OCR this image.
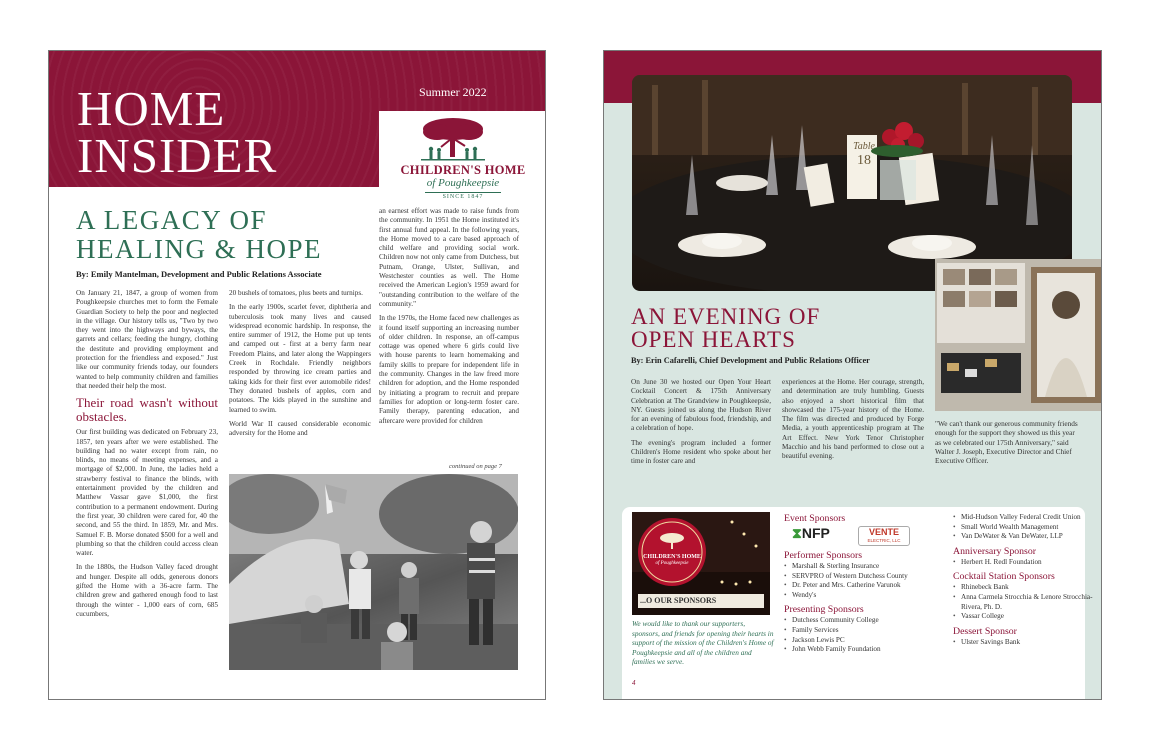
HOME
INSIDER
Summer 2022
CHILDREN'S HOME
of Poughkeepsie
SINCE 1847
A LEGACY OF
HEALING & HOPE
By: Emily Mantelman, Development and Public Relations Associate

On January 21, 1847, a group of women from Poughkeepsie churches met to form the Female Guardian Society to help the poor and neglected in the village. Our history tells us, "Two by two they went into the highways and byways, the garrets and cellars; feeding the hungry, clothing the destitute and providing employment and protection for the friendless and exposed." Just like our community friends today, our founders wanted to help community children and families that needed their help the most.

Their road wasn't without obstacles.

Our first building was dedicated on February 23, 1857, ten years after we were established. The building had no water except from rain, no blinds, no means of meeting expenses, and a mortgage of $2,000. In June, the ladies held a strawberry festival to finance the blinds, with entertainment provided by the children and Matthew Vassar gave $1,000, the first contribution to a permanent endowment. During the first year, 30 children were cared for, 40 the second, and 55 the third. In 1859, Mr. and Mrs. Samuel F. B. Morse donated $500 for a well and plumbing so that the children could access clean water.

In the 1880s, the Hudson Valley faced drought and hunger. Despite all odds, generous donors gifted the Home with a 36-acre farm. The children grew and gathered enough food to last through the winter - 1,000 ears of corn, 685 cucumbers,

20 bushels of tomatoes, plus beets and turnips.

In the early 1900s, scarlet fever, diphtheria and tuberculosis took many lives and caused widespread economic hardship. In response, the entire summer of 1912, the Home put up tents and camped out - first at a berry farm near Freedom Plains, and later along the Wappingers Creek in Rochdale. Friendly neighbors responded by throwing ice cream parties and taking kids for their first ever automobile rides! They donated bushels of apples, corn and potatoes. The kids played in the sunshine and learned to swim.

World War II caused considerable economic adversity for the Home and

an earnest effort was made to raise funds from the community. In 1951 the Home instituted it's first annual fund appeal. In the following years, the Home moved to a care based approach of child welfare and providing social work. Children now not only came from Dutchess, but Putnam, Orange, Ulster, Sullivan, and Westchester counties as well. The Home received the American Legion's 1959 award for "outstanding contribution to the welfare of the community."

In the 1970s, the Home faced new challenges as it found itself supporting an increasing number of older children. In response, an off-campus cottage was opened where 6 girls could live with house parents to learn homemaking and family skills to prepare for independent life in the community. Changes in the law freed more children for adoption, and the Home responded by initiating a program to recruit and prepare families for adoption or long-term foster care. Family therapy, parenting education, and aftercare were provided for children

continued on page 7
Table
18
AN EVENING OF
OPEN HEARTS
By: Erin Cafarelli, Chief Development and Public Relations Officer

On June 30 we hosted our Open Your Heart Cocktail Concert & 175th Anniversary Celebration at The Grandview in Poughkeepsie, NY. Guests joined us along the Hudson River for an evening of fabulous food, friendship, and a celebration of hope.

The evening's program included a former Children's Home resident who spoke about her time in foster care and

experiences at the Home. Her courage, strength, and determination are truly humbling. Guests also enjoyed a short historical film that showcased the 175-year history of the Home. The film was directed and produced by Forge Media, a youth apprenticeship program at The Art Effect. New York Tenor Christopher Macchio and his band performed to close out a beautiful evening.

"We can't thank our generous community friends enough for the support they showed us this year as we celebrated our 175th Anniversary," said Walter J. Joseph, Executive Director and Chief Executive Officer.
CHILDREN'S HOME
of Poughkeepsie
...O OUR SPONSORS
We would like to thank our supporters, sponsors, and friends for opening their hearts in support of the mission of the Children's Home of Poughkeepsie and all of the children and families we serve.
4
Event Sponsors
⧗NFP	VENTE
ELECTRIC, LLC
Performer Sponsors
• Marshall & Sterling Insurance
• SERVPRO of Western Dutchess County
• Dr. Peter and Mrs. Catherine Varunok
• Wendy's
Presenting Sponsors
• Dutchess Community College
• Family Services
• Jackson Lewis PC
• John Webb Family Foundation
• Mid-Hudson Valley Federal Credit Union
• Small World Wealth Management
• Van DeWater & Van DeWater, LLP
Anniversary Sponsor
• Herbert H. Redl Foundation
Cocktail Station Sponsors
• Rhinebeck Bank
• Anna Carmela Strocchia & Lenore Strocchia-Rivera, Ph. D.
• Vassar College
Dessert Sponsor
• Ulster Savings Bank
